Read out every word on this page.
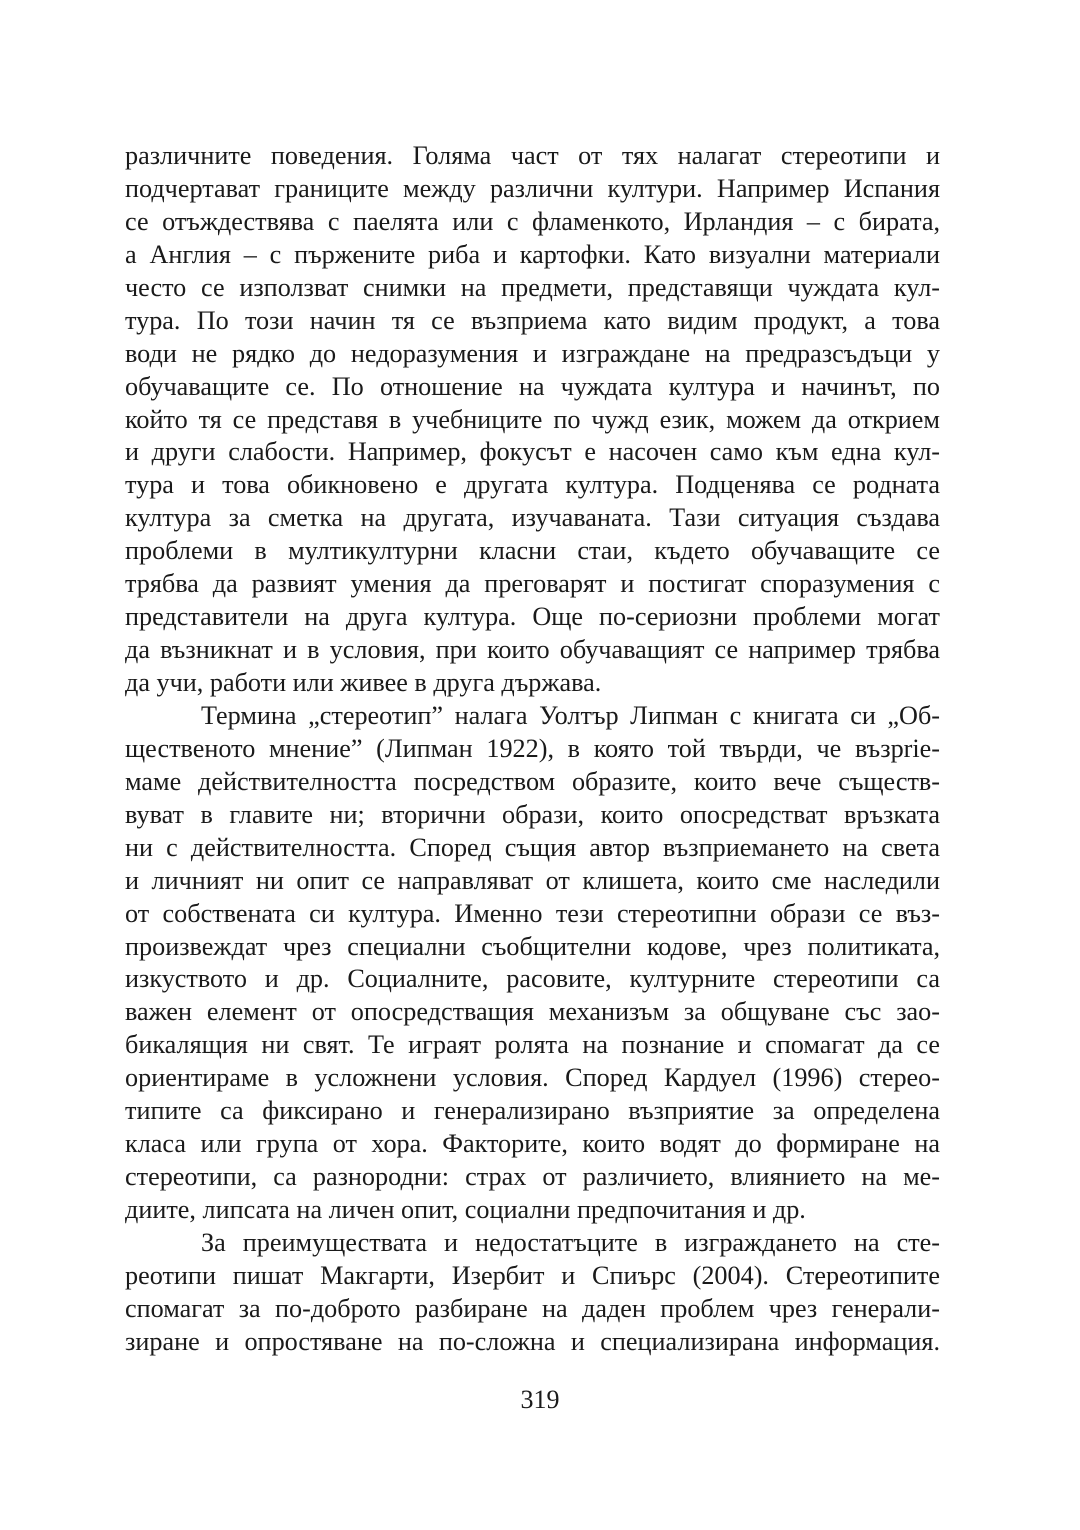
различните поведения. Голяма част от тях налагат стереотипи и
подчертават границите между различни култури. Например Испания
се отъждествява с паелята или с фламенкото, Ирландия – с бирата,
а Англия – с пържените риба и картофки. Като визуални материали
често се използват снимки на предмети, представящи чуждата кул-
тура. По този начин тя се възприема като видим продукт, а това
води не рядко до недоразумения и изграждане на предразсъдъци у
обучаващите се. По отношение на чуждата култура и начинът, по
който тя се представя в учебниците по чужд език, можем да открием
и други слабости. Например, фокусът е насочен само към една кул-
тура и това обикновено е другата култура. Подценява се родната
култура за сметка на другата, изучаваната. Тази ситуация създава
проблеми в мултикултурни класни стаи, където обучаващите се
трябва да развият умения да преговарят и постигат споразумения с
представители на друга култура. Още по-сериозни проблеми могат
да възникнат и в условия, при които обучаващият се например трябва
да учи, работи или живее в друга държава.
Термина „стереотип” налага Уолтър Липман с книгата си „Об-
щественото мнение” (Липман 1922), в която той твърди, че възprie-
маме действителността посредством образите, които вече съществ-
вуват в главите ни; вторични образи, които опосредстват връзката
ни с действителността. Според същия автор възприемането на света
и личният ни опит се направляват от клишета, които сме наследили
от собствената си култура. Именно тези стереотипни образи се въз-
произвеждат чрез специални съобщителни кодове, чрез политиката,
изкуството и др. Социалните, расовите, културните стереотипи са
важен елемент от опосредстващия механизъм за общуване със зао-
бикалящия ни свят. Те играят ролята на познание и спомагат да се
ориентираме в усложнени условия. Според Кардуел (1996) стерео-
типите са фиксирано и генерализирано възприятие за определена
класа или група от хора. Факторите, които водят до формиране на
стереотипи, са разнородни: страх от различието, влиянието на ме-
диите, липсата на личен опит, социални предпочитания и др.
За преимуществата и недостатъците в изграждането на сте-
реотипи пишат Макгарти, Изербит и Спиърс (2004). Стереотипите
спомагат за по-доброто разбиране на даден проблем чрез генерали-
зиране и опростяване на по-сложна и специализирана информация.
319
